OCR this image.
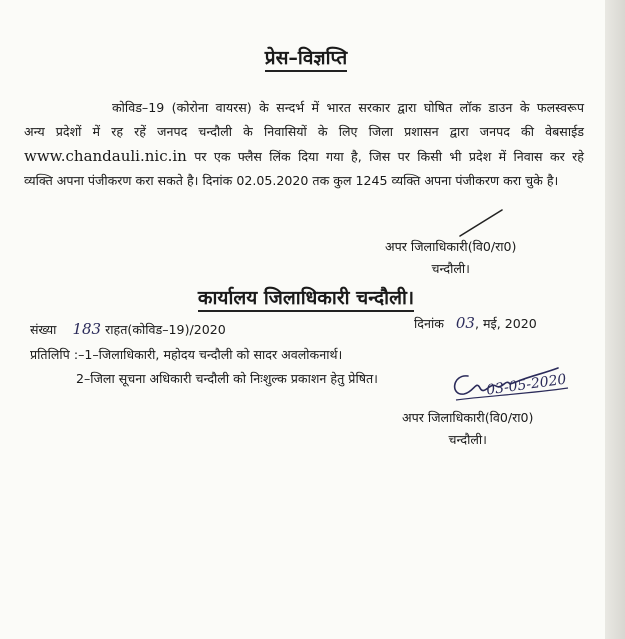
प्रेस–विज्ञप्ति
कोविड–19 (कोरोना वायरस) के सन्दर्भ में भारत सरकार द्वारा घोषित लॉक डाउन के फलस्वरूप
अन्य प्रदेशों में रह रहें जनपद चन्दौली के निवासियों के लिए जिला प्रशासन द्वारा जनपद की वेबसाईड
www.chandauli.nic.in पर एक फ्लैस लिंक दिया गया है, जिस पर किसी भी प्रदेश में निवास कर रहे
व्यक्ति अपना पंजीकरण करा सकते है। दिनांक 02.05.2020 तक कुल 1245 व्यक्ति अपना पंजीकरण करा चुके है।
अपर जिलाधिकारी(वि0/रा0)
चन्दौली।
कार्यालय जिलाधिकारी चन्दौली।
संख्या 183 राहत(कोविड–19)/2020	दिनांक 03, मई, 2020
प्रतिलिपि :–1–जिलाधिकारी, महोदय चन्दौली को सादर अवलोकनार्थ।
2–जिला सूचना अधिकारी चन्दौली को निःशुल्क प्रकाशन हेतु प्रेषित।	03-05-2020
अपर जिलाधिकारी(वि0/रा0)
चन्दौली।
